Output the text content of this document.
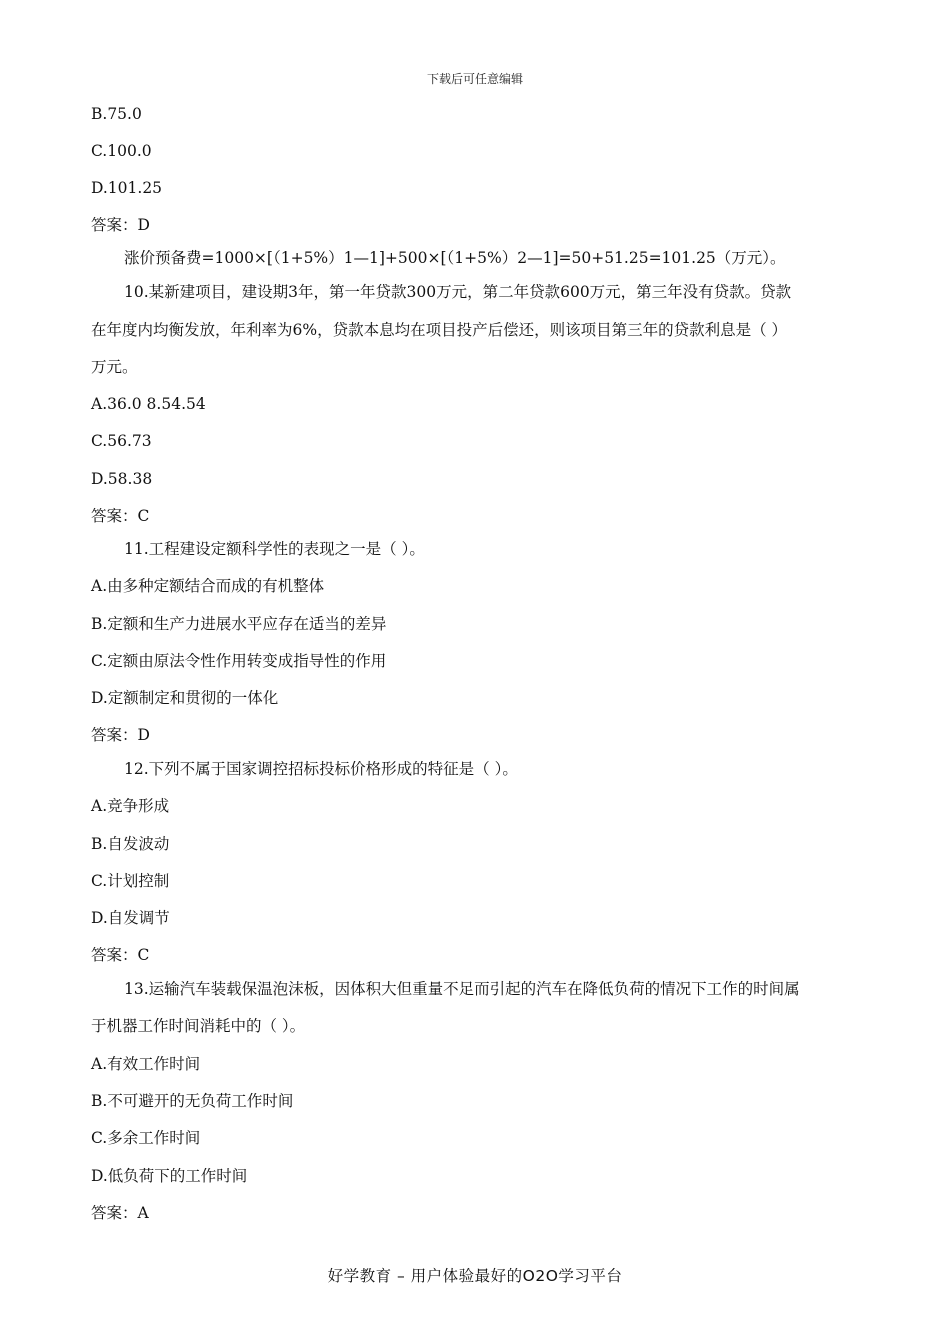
下载后可任意编辑
B.75.0
C.100.0
D.101.25
答案：D
涨价预备费=1000×[（1+5%）1—1]+500×[（1+5%）2—1]=50+51.25=101.25（万元）。
10.某新建项目，建设期3年，第一年贷款300万元，第二年贷款600万元，第三年没有贷款。贷款
在年度内均衡发放，年利率为6%，贷款本息均在项目投产后偿还，则该项目第三年的贷款利息是（ ）
万元。
A.36.0 8.54.54
C.56.73
D.58.38
答案：C
11.工程建设定额科学性的表现之一是（ ）。
A.由多种定额结合而成的有机整体
B.定额和生产力进展水平应存在适当的差异
C.定额由原法令性作用转变成指导性的作用
D.定额制定和贯彻的一体化
答案：D
12.下列不属于国家调控招标投标价格形成的特征是（ ）。
A.竞争形成
B.自发波动
C.计划控制
D.自发调节
答案：C
13.运输汽车装载保温泡沫板，因体积大但重量不足而引起的汽车在降低负荷的情况下工作的时间属
于机器工作时间消耗中的（ ）。
A.有效工作时间
B.不可避开的无负荷工作时间
C.多余工作时间
D.低负荷下的工作时间
答案：A
好学教育 – 用户体验最好的O2O学习平台
